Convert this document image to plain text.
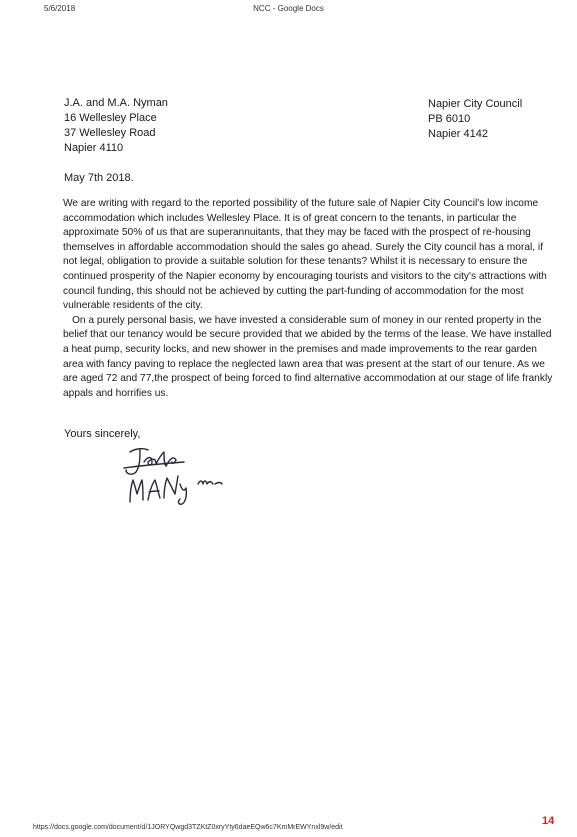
5/6/2018	NCC - Google Docs
J.A. and M.A. Nyman
16 Wellesley Place
37 Wellesley Road
Napier 4110
Napier City Council
PB 6010
Napier 4142
May 7th 2018.

We are writing with regard to the reported possibility of the future sale of Napier City Council's low income accommodation which includes Wellesley Place. It is of great concern to the tenants, in particular the approximate 50% of us that are superannuitants, that they may be faced with the prospect of re-housing themselves in affordable accommodation should the sales go ahead. Surely the City council has a moral, if not legal, obligation to provide a suitable solution for these tenants? Whilst it is necessary to ensure the continued prosperity of the Napier economy by encouraging tourists and visitors to the city's attractions with council funding, this should not be achieved by cutting the part-funding of accommodation for the most vulnerable residents of the city.

On a purely personal basis, we have invested a considerable sum of money in our rented property in the belief that our tenancy would be secure provided that we abided by the terms of the lease. We have installed a heat pump, security locks, and new shower in the premises and made improvements to the rear garden area with fancy paving to replace the neglected lawn area that was present at the start of our tenure. As we are aged 72 and 77,the prospect of being forced to find alternative accommodation at our stage of life frankly appals and horrifies us.

Yours sincerely,
https://docs.google.com/document/d/1JORYQwgd3TZKtZ0xryYty6daeEQw6c7KmMrEWYnxl9w/edit
14
